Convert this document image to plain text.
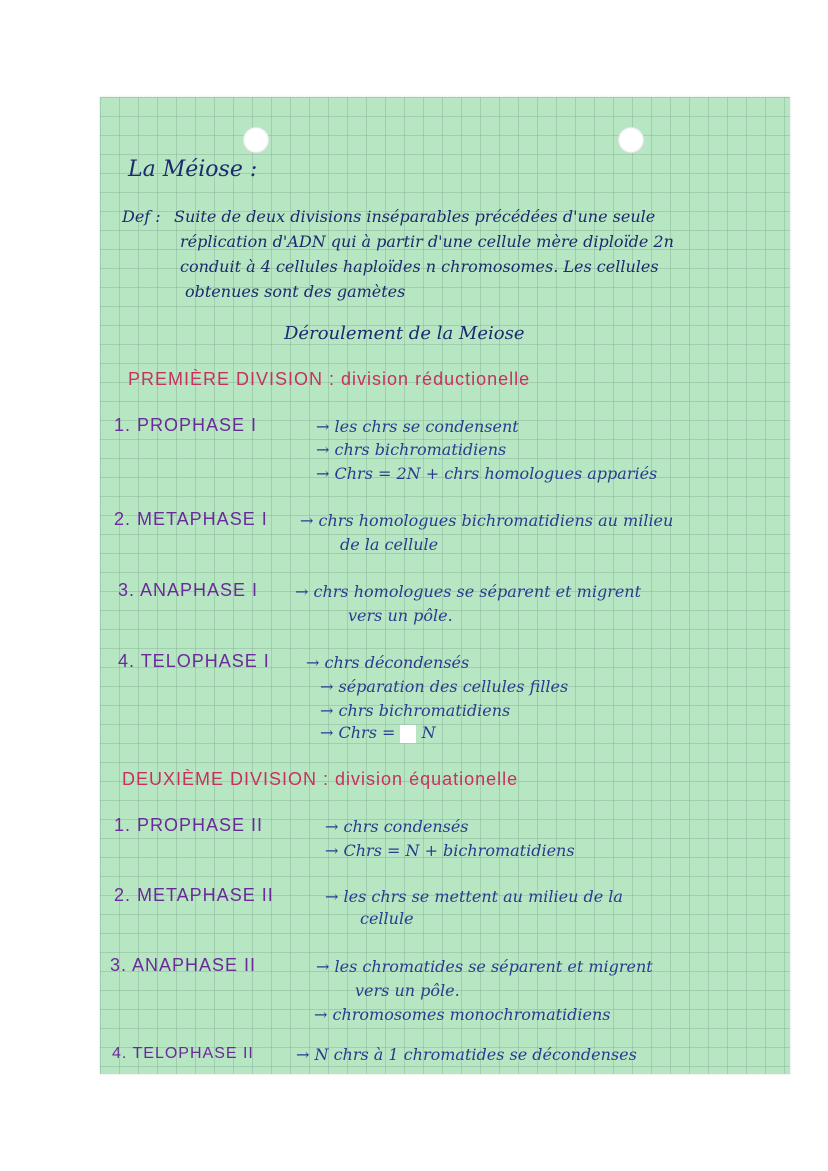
La Méiose :
Def : Suite de deux divisions inséparables précédées d'une seule
réplication d'ADN qui à partir d'une cellule mère diploïde 2n
conduit à 4 cellules haploïdes n chromosomes. Les cellules
obtenues sont des gamètes
Déroulement de la Meiose
PREMIÈRE DIVISION : division réductionelle
1. PROPHASE I	→ les chrs se condensent
→ chrs bichromatidiens
→ Chrs = 2N + chrs homologues appariés
2. METAPHASE I → chrs homologues bichromatidiens au milieu
de la cellule
3. ANAPHASE I → chrs homologues se séparent et migrent
vers un pôle.
4. TELOPHASE I → chrs décondensés
→ séparation des cellules filles
→ chrs bichromatidiens
→ Chrs = N
DEUXIÈME DIVISION : division équationelle
1. PROPHASE II	→ chrs condensés
→ Chrs = N + bichromatidiens
2. METAPHASE II	→ les chrs se mettent au milieu de la
cellule
3. ANAPHASE II	→ les chromatides se séparent et migrent
vers un pôle.
→ chromosomes monochromatidiens
4. TELOPHASE II	→ N chrs à 1 chromatides se décondenses
